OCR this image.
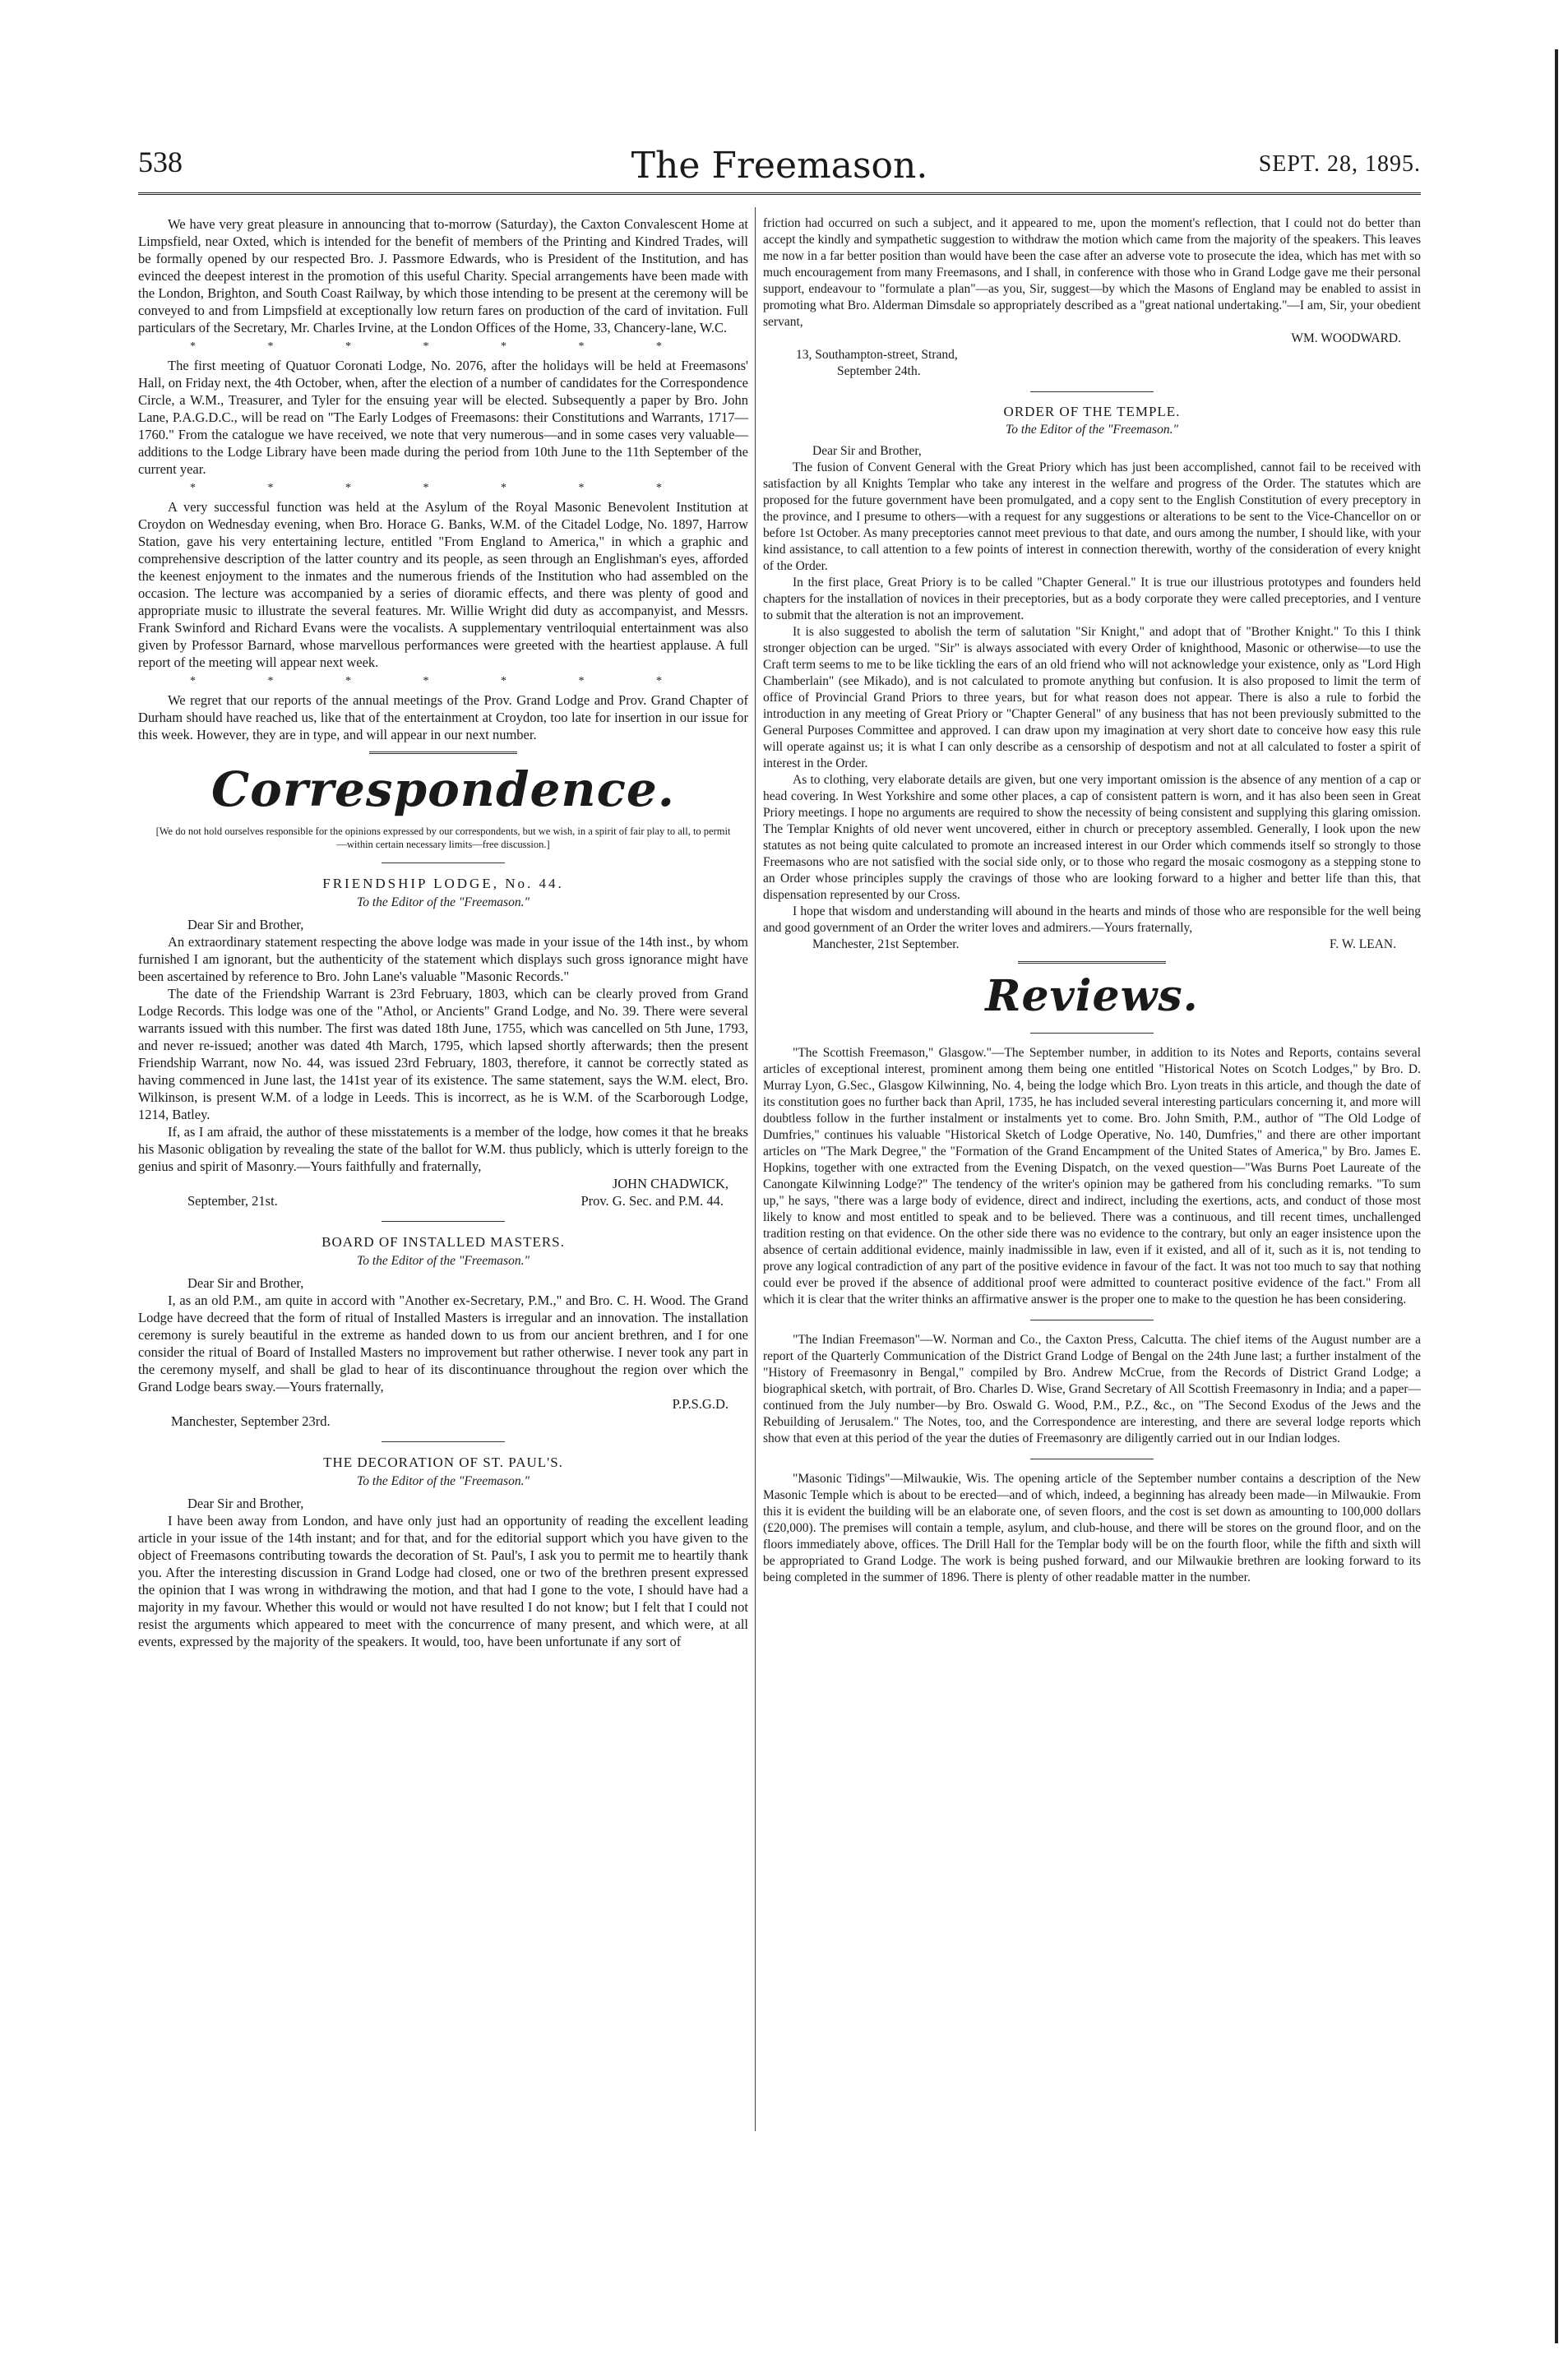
538	The Freemason.	SEPT. 28, 1895.

We have very great pleasure in announcing that to-morrow (Saturday), the Caxton Convalescent Home at Limpsfield, near Oxted, which is intended for the benefit of members of the Printing and Kindred Trades, will be formally opened by our respected Bro. J. Passmore Edwards, who is President of the Institution, and has evinced the deepest interest in the promotion of this useful Charity. Special arrangements have been made with the London, Brighton, and South Coast Railway, by which those intending to be present at the ceremony will be conveyed to and from Limpsfield at exceptionally low return fares on production of the card of invitation. Full particulars of the Secretary, Mr. Charles Irvine, at the London Offices of the Home, 33, Chancery-lane, W.C.

* * * * * * *

The first meeting of Quatuor Coronati Lodge, No. 2076, after the holidays will be held at Freemasons' Hall, on Friday next, the 4th October, when, after the election of a number of candidates for the Correspondence Circle, a W.M., Treasurer, and Tyler for the ensuing year will be elected. Subsequently a paper by Bro. John Lane, P.A.G.D.C., will be read on "The Early Lodges of Freemasons: their Constitutions and Warrants, 1717—1760." From the catalogue we have received, we note that very numerous—and in some cases very valuable—additions to the Lodge Library have been made during the period from 10th June to the 11th September of the current year.

* * * * * * *

A very successful function was held at the Asylum of the Royal Masonic Benevolent Institution at Croydon on Wednesday evening, when Bro. Horace G. Banks, W.M. of the Citadel Lodge, No. 1897, Harrow Station, gave his very entertaining lecture, entitled "From England to America," in which a graphic and comprehensive description of the latter country and its people, as seen through an Englishman's eyes, afforded the keenest enjoyment to the inmates and the numerous friends of the Institution who had assembled on the occasion. The lecture was accompanied by a series of dioramic effects, and there was plenty of good and appropriate music to illustrate the several features. Mr. Willie Wright did duty as accompanyist, and Messrs. Frank Swinford and Richard Evans were the vocalists. A supplementary ventriloquial entertainment was also given by Professor Barnard, whose marvellous performances were greeted with the heartiest applause. A full report of the meeting will appear next week.

* * * * * * *

We regret that our reports of the annual meetings of the Prov. Grand Lodge and Prov. Grand Chapter of Durham should have reached us, like that of the entertainment at Croydon, too late for insertion in our issue for this week. However, they are in type, and will appear in our next number.

Correspondence.
[We do not hold ourselves responsible for the opinions expressed by our correspondents, but we wish, in a spirit of fair play to all, to permit—within certain necessary limits—free discussion.]
FRIENDSHIP LODGE, No. 44.
To the Editor of the "Freemason."
Dear Sir and Brother,

An extraordinary statement respecting the above lodge was made in your issue of the 14th inst., by whom furnished I am ignorant, but the authenticity of the statement which displays such gross ignorance might have been ascertained by reference to Bro. John Lane's valuable "Masonic Records."

The date of the Friendship Warrant is 23rd February, 1803, which can be clearly proved from Grand Lodge Records. This lodge was one of the "Athol, or Ancients" Grand Lodge, and No. 39. There were several warrants issued with this number. The first was dated 18th June, 1755, which was cancelled on 5th June, 1793, and never re-issued; another was dated 4th March, 1795, which lapsed shortly afterwards; then the present Friendship Warrant, now No. 44, was issued 23rd February, 1803, therefore, it cannot be correctly stated as having commenced in June last, the 141st year of its existence. The same statement, says the W.M. elect, Bro. Wilkinson, is present W.M. of a lodge in Leeds. This is incorrect, as he is W.M. of the Scarborough Lodge, 1214, Batley.

If, as I am afraid, the author of these misstatements is a member of the lodge, how comes it that he breaks his Masonic obligation by revealing the state of the ballot for W.M. thus publicly, which is utterly foreign to the genius and spirit of Masonry.—Yours faithfully and fraternally,

JOHN CHADWICK,
September, 21st.	Prov. G. Sec. and P.M. 44.
BOARD OF INSTALLED MASTERS.
To the Editor of the "Freemason."
Dear Sir and Brother,

I, as an old P.M., am quite in accord with "Another ex-Secretary, P.M.," and Bro. C. H. Wood. The Grand Lodge have decreed that the form of ritual of Installed Masters is irregular and an innovation. The installation ceremony is surely beautiful in the extreme as handed down to us from our ancient brethren, and I for one consider the ritual of Board of Installed Masters no improvement but rather otherwise. I never took any part in the ceremony myself, and shall be glad to hear of its discontinuance throughout the region over which the Grand Lodge bears sway.—Yours fraternally,

P.P.S.G.D.
Manchester, September 23rd.
THE DECORATION OF ST. PAUL'S.
To the Editor of the "Freemason."
Dear Sir and Brother,

I have been away from London, and have only just had an opportunity of reading the excellent leading article in your issue of the 14th instant; and for that, and for the editorial support which you have given to the object of Freemasons contributing towards the decoration of St. Paul's, I ask you to permit me to heartily thank you. After the interesting discussion in Grand Lodge had closed, one or two of the brethren present expressed the opinion that I was wrong in withdrawing the motion, and that had I gone to the vote, I should have had a majority in my favour. Whether this would or would not have resulted I do not know; but I felt that I could not resist the arguments which appeared to meet with the concurrence of many present, and which were, at all events, expressed by the majority of the speakers. It would, too, have been unfortunate if any sort of

friction had occurred on such a subject, and it appeared to me, upon the moment's reflection, that I could not do better than accept the kindly and sympathetic suggestion to withdraw the motion which came from the majority of the speakers. This leaves me now in a far better position than would have been the case after an adverse vote to prosecute the idea, which has met with so much encouragement from many Freemasons, and I shall, in conference with those who in Grand Lodge gave me their personal support, endeavour to "formulate a plan"—as you, Sir, suggest—by which the Masons of England may be enabled to assist in promoting what Bro. Alderman Dimsdale so appropriately described as a "great national undertaking."—I am, Sir, your obedient servant,

WM. WOODWARD.
13, Southampton-street, Strand,
September 24th.
ORDER OF THE TEMPLE.
To the Editor of the "Freemason."
Dear Sir and Brother,

The fusion of Convent General with the Great Priory which has just been accomplished, cannot fail to be received with satisfaction by all Knights Templar who take any interest in the welfare and progress of the Order. The statutes which are proposed for the future government have been promulgated, and a copy sent to the English Constitution of every preceptory in the province, and I presume to others—with a request for any suggestions or alterations to be sent to the Vice-Chancellor on or before 1st October. As many preceptories cannot meet previous to that date, and ours among the number, I should like, with your kind assistance, to call attention to a few points of interest in connection therewith, worthy of the consideration of every knight of the Order.

In the first place, Great Priory is to be called "Chapter General." It is true our illustrious prototypes and founders held chapters for the installation of novices in their preceptories, but as a body corporate they were called preceptories, and I venture to submit that the alteration is not an improvement.

It is also suggested to abolish the term of salutation "Sir Knight," and adopt that of "Brother Knight." To this I think stronger objection can be urged. "Sir" is always associated with every Order of knighthood, Masonic or otherwise—to use the Craft term seems to me to be like tickling the ears of an old friend who will not acknowledge your existence, only as "Lord High Chamberlain" (see Mikado), and is not calculated to promote anything but confusion. It is also proposed to limit the term of office of Provincial Grand Priors to three years, but for what reason does not appear. There is also a rule to forbid the introduction in any meeting of Great Priory or "Chapter General" of any business that has not been previously submitted to the General Purposes Committee and approved. I can draw upon my imagination at very short date to conceive how easy this rule will operate against us; it is what I can only describe as a censorship of despotism and not at all calculated to foster a spirit of interest in the Order.

As to clothing, very elaborate details are given, but one very important omission is the absence of any mention of a cap or head covering. In West Yorkshire and some other places, a cap of consistent pattern is worn, and it has also been seen in Great Priory meetings. I hope no arguments are required to show the necessity of being consistent and supplying this glaring omission. The Templar Knights of old never went uncovered, either in church or preceptory assembled. Generally, I look upon the new statutes as not being quite calculated to promote an increased interest in our Order which commends itself so strongly to those Freemasons who are not satisfied with the social side only, or to those who regard the mosaic cosmogony as a stepping stone to an Order whose principles supply the cravings of those who are looking forward to a higher and better life than this, that dispensation represented by our Cross.

I hope that wisdom and understanding will abound in the hearts and minds of those who are responsible for the well being and good government of an Order the writer loves and admirers.—Yours fraternally,

Manchester, 21st September.	F. W. LEAN.
Reviews.

"The Scottish Freemason," Glasgow."—The September number, in addition to its Notes and Reports, contains several articles of exceptional interest, prominent among them being one entitled "Historical Notes on Scotch Lodges," by Bro. D. Murray Lyon, G.Sec., Glasgow Kilwinning, No. 4, being the lodge which Bro. Lyon treats in this article, and though the date of its constitution goes no further back than April, 1735, he has included several interesting particulars concerning it, and more will doubtless follow in the further instalment or instalments yet to come. Bro. John Smith, P.M., author of "The Old Lodge of Dumfries," continues his valuable "Historical Sketch of Lodge Operative, No. 140, Dumfries," and there are other important articles on "The Mark Degree," the "Formation of the Grand Encampment of the United States of America," by Bro. James E. Hopkins, together with one extracted from the Evening Dispatch, on the vexed question—"Was Burns Poet Laureate of the Canongate Kilwinning Lodge?" The tendency of the writer's opinion may be gathered from his concluding remarks. "To sum up," he says, "there was a large body of evidence, direct and indirect, including the exertions, acts, and conduct of those most likely to know and most entitled to speak and to be believed. There was a continuous, and till recent times, unchallenged tradition resting on that evidence. On the other side there was no evidence to the contrary, but only an eager insistence upon the absence of certain additional evidence, mainly inadmissible in law, even if it existed, and all of it, such as it is, not tending to prove any logical contradiction of any part of the positive evidence in favour of the fact. It was not too much to say that nothing could ever be proved if the absence of additional proof were admitted to counteract positive evidence of the fact." From all which it is clear that the writer thinks an affirmative answer is the proper one to make to the question he has been considering.

"The Indian Freemason"—W. Norman and Co., the Caxton Press, Calcutta. The chief items of the August number are a report of the Quarterly Communication of the District Grand Lodge of Bengal on the 24th June last; a further instalment of the "History of Freemasonry in Bengal," compiled by Bro. Andrew McCrue, from the Records of District Grand Lodge; a biographical sketch, with portrait, of Bro. Charles D. Wise, Grand Secretary of All Scottish Freemasonry in India; and a paper—continued from the July number—by Bro. Oswald G. Wood, P.M., P.Z., &c., on "The Second Exodus of the Jews and the Rebuilding of Jerusalem." The Notes, too, and the Correspondence are interesting, and there are several lodge reports which show that even at this period of the year the duties of Freemasonry are diligently carried out in our Indian lodges.

"Masonic Tidings"—Milwaukie, Wis. The opening article of the September number contains a description of the New Masonic Temple which is about to be erected—and of which, indeed, a beginning has already been made—in Milwaukie. From this it is evident the building will be an elaborate one, of seven floors, and the cost is set down as amounting to 100,000 dollars (£20,000). The premises will contain a temple, asylum, and club-house, and there will be stores on the ground floor, and on the floors immediately above, offices. The Drill Hall for the Templar body will be on the fourth floor, while the fifth and sixth will be appropriated to Grand Lodge. The work is being pushed forward, and our Milwaukie brethren are looking forward to its being completed in the summer of 1896. There is plenty of other readable matter in the number.
